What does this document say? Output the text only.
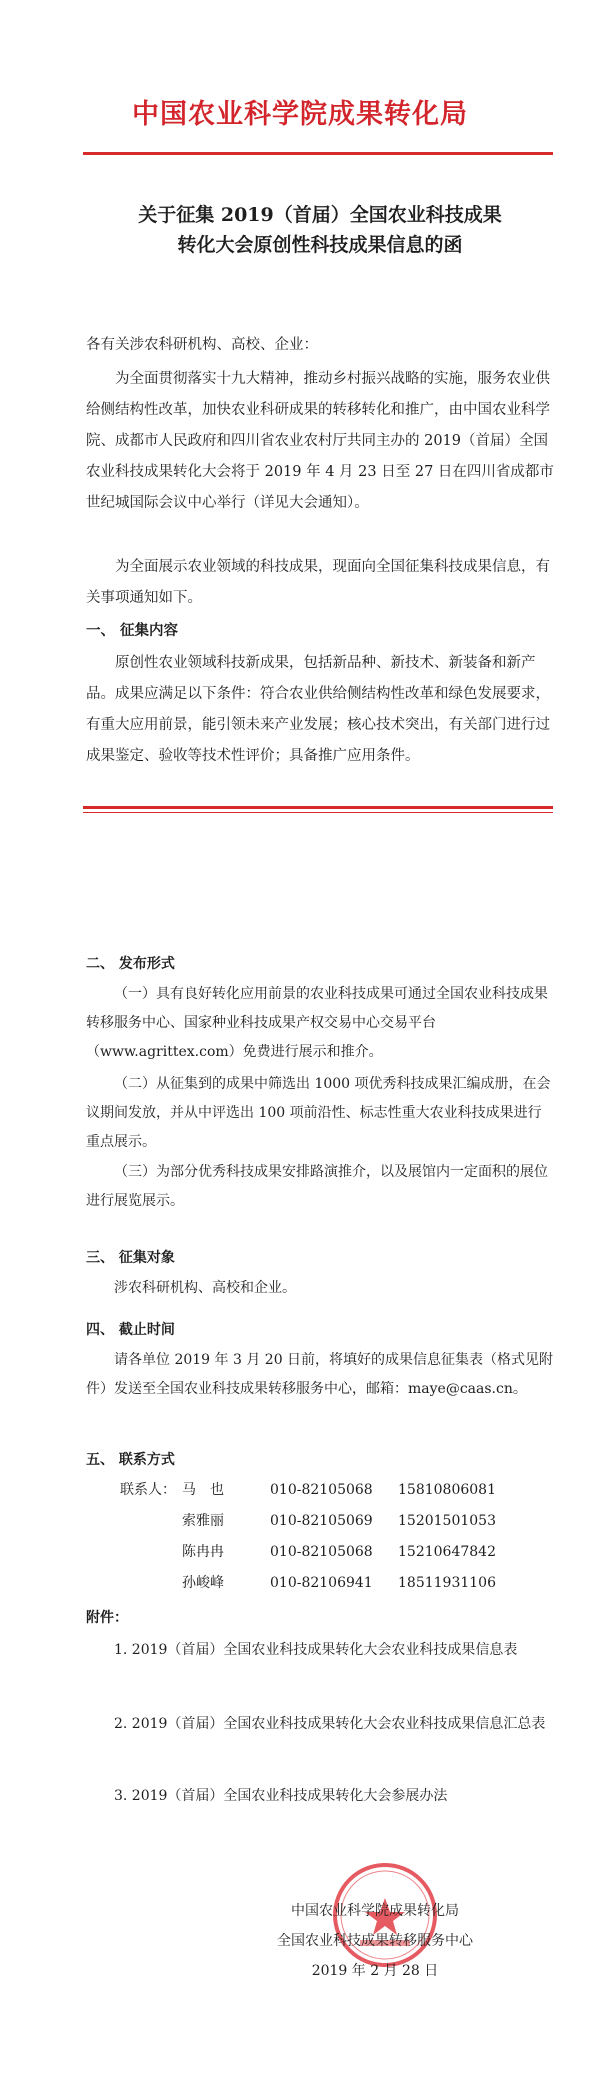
中国农业科学院成果转化局
关于征集 2019（首届）全国农业科技成果
转化大会原创性科技成果信息的函
各有关涉农科研机构、高校、企业：
为全面贯彻落实十九大精神，推动乡村振兴战略的实施，服务农业供给侧结构性改革，加快农业科研成果的转移转化和推广，由中国农业科学院、成都市人民政府和四川省农业农村厅共同主办的 2019（首届）全国农业科技成果转化大会将于 2019 年 4 月 23 日至 27 日在四川省成都市世纪城国际会议中心举行（详见大会通知）。
为全面展示农业领域的科技成果，现面向全国征集科技成果信息，有关事项通知如下。
一、 征集内容
原创性农业领域科技新成果，包括新品种、新技术、新装备和新产品。成果应满足以下条件：符合农业供给侧结构性改革和绿色发展要求，有重大应用前景，能引领未来产业发展；核心技术突出，有关部门进行过成果鉴定、验收等技术性评价；具备推广应用条件。
二、 发布形式
（一）具有良好转化应用前景的农业科技成果可通过全国农业科技成果转移服务中心、国家种业科技成果产权交易中心交易平台（www.agrittex.com）免费进行展示和推介。
（二）从征集到的成果中筛选出 1000 项优秀科技成果汇编成册，在会议期间发放，并从中评选出 100 项前沿性、标志性重大农业科技成果进行重点展示。
（三）为部分优秀科技成果安排路演推介，以及展馆内一定面积的展位进行展览展示。
三、 征集对象
涉农科研机构、高校和企业。
四、 截止时间
请各单位 2019 年 3 月 20 日前，将填好的成果信息征集表（格式见附件）发送至全国农业科技成果转移服务中心，邮箱：maye@caas.cn。
五、 联系方式
联系人： 马　也	010-82105068 15810806081
索雅丽	010-82105069 15201501053
陈冉冉	010-82105068 15210647842
孙峻峰	010-82106941 18511931106
附件：
1. 2019（首届）全国农业科技成果转化大会农业科技成果信息表
2. 2019（首届）全国农业科技成果转化大会农业科技成果信息汇总表
3. 2019（首届）全国农业科技成果转化大会参展办法
中国农业科学院成果转化局
全国农业科技成果转移服务中心
2019 年 2 月 28 日
